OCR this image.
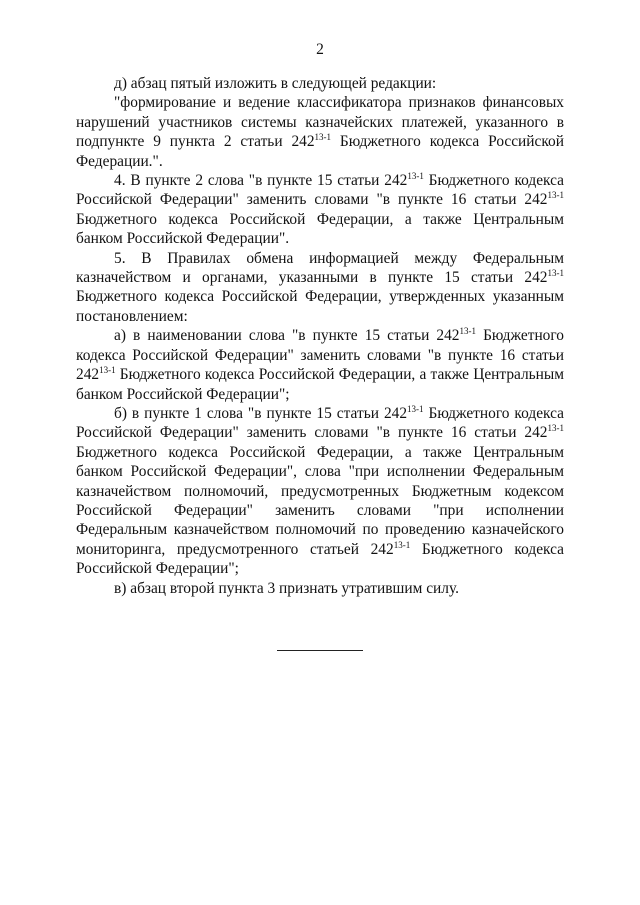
2

д) абзац пятый изложить в следующей редакции:

"формирование и ведение классификатора признаков финансовых нарушений участников системы казначейских платежей, указанного в подпункте 9 пункта 2 статьи 242$^{13-1}$ Бюджетного кодекса Российской Федерации.".

4. В пункте 2 слова "в пункте 15 статьи 242$^{13-1}$ Бюджетного кодекса Российской Федерации" заменить словами "в пункте 16 статьи 242$^{13-1}$ Бюджетного кодекса Российской Федерации, а также Центральным банком Российской Федерации".

5. В Правилах обмена информацией между Федеральным казначейством и органами, указанными в пункте 15 статьи 242$^{13-1}$ Бюджетного кодекса Российской Федерации, утвержденных указанным постановлением:

а) в наименовании слова "в пункте 15 статьи 242$^{13-1}$ Бюджетного кодекса Российской Федерации" заменить словами "в пункте 16 статьи 242$^{13-1}$ Бюджетного кодекса Российской Федерации, а также Центральным банком Российской Федерации";

б) в пункте 1 слова "в пункте 15 статьи 242$^{13-1}$ Бюджетного кодекса Российской Федерации" заменить словами "в пункте 16 статьи 242$^{13-1}$ Бюджетного кодекса Российской Федерации, а также Центральным банком Российской Федерации", слова "при исполнении Федеральным казначейством полномочий, предусмотренных Бюджетным кодексом Российской Федерации" заменить словами "при исполнении Федеральным казначейством полномочий по проведению казначейского мониторинга, предусмотренного статьей 242$^{13-1}$ Бюджетного кодекса Российской Федерации";

в) абзац второй пункта 3 признать утратившим силу.
